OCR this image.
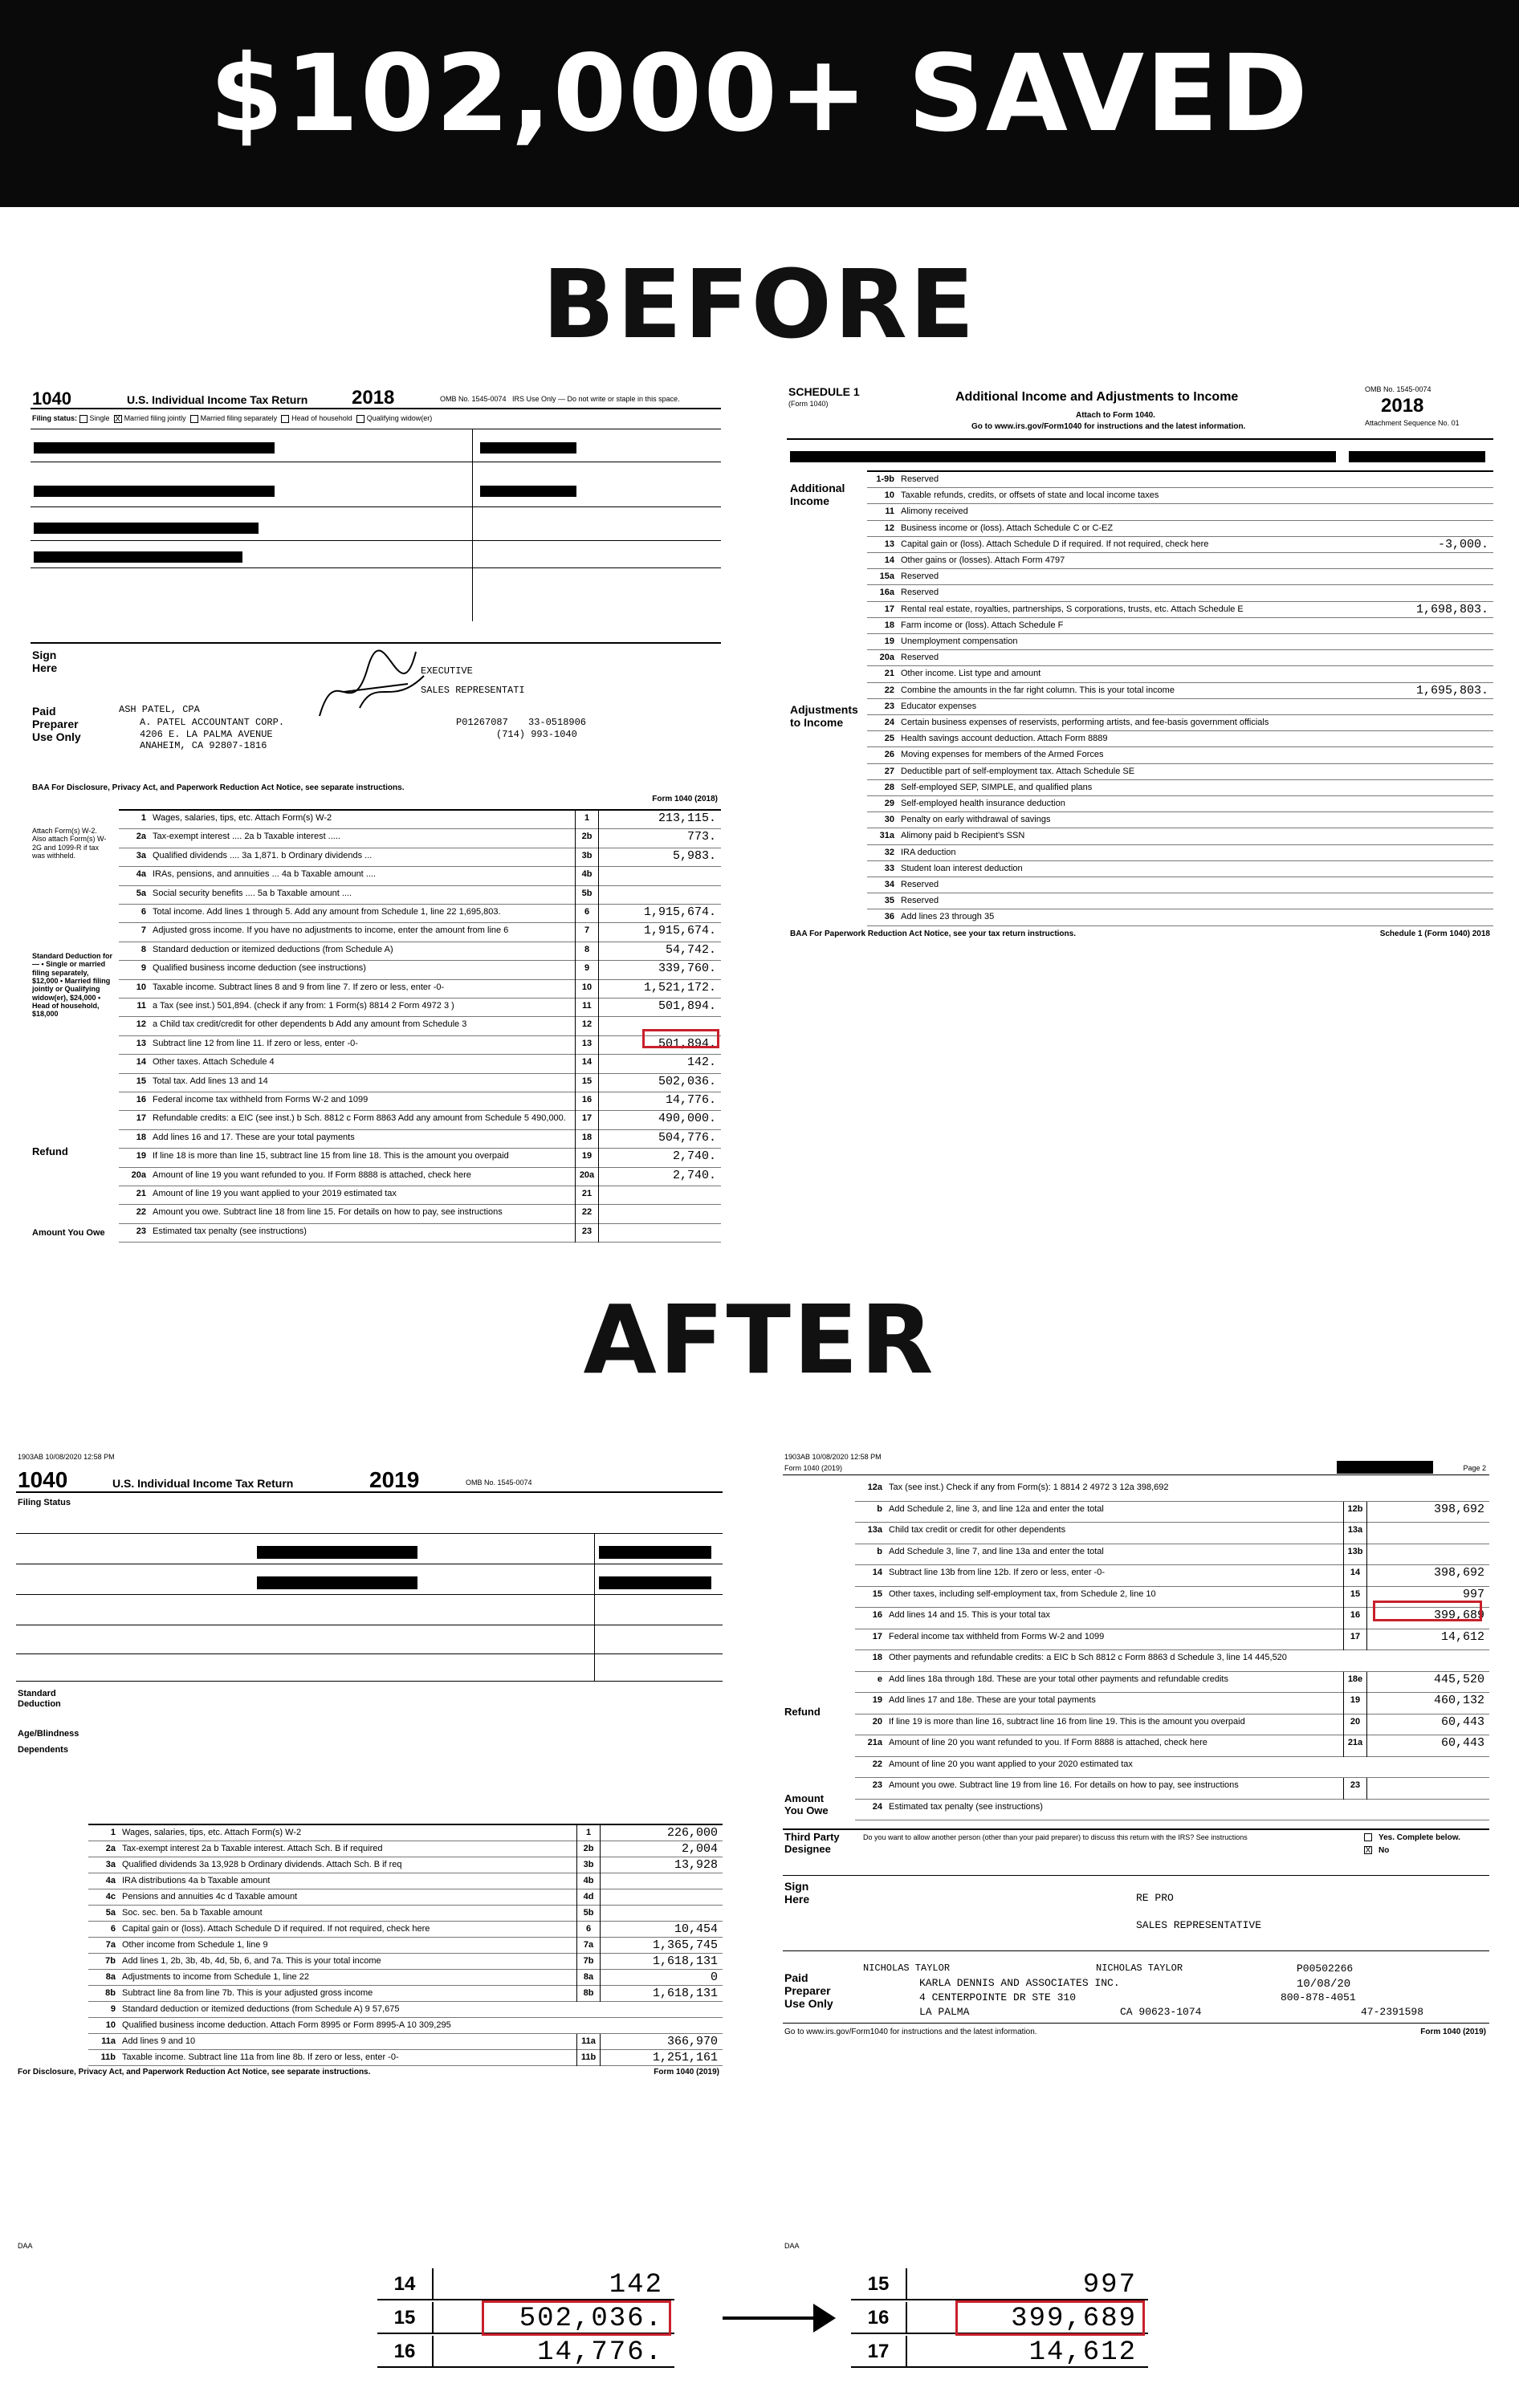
$102,000+ SAVED
BEFORE
AFTER
1040	U.S. Individual Income Tax Return 2018	OMB No. 1545-0074 IRS Use Only — Do not write or staple in this space.
Filing status: Single X Married filing jointly Married filing separately Head of household Qualifying widow(er)
Sign
Here	EXECUTIVE
SALES REPRESENTATI
Paid
Preparer
Use Only
ASH PATEL, CPA
A. PATEL ACCOUNTANT CORP.
4206 E. LA PALMA AVENUE
ANAHEIM, CA 92807-1816
P01267087 33-0518906
(714) 993-1040
BAA For Disclosure, Privacy Act, and Paperwork Reduction Act Notice, see separate instructions.
Form 1040 (2018)
1 Wages, salaries, tips, etc. Attach Form(s) W-2	1	213,115.
2a Tax-exempt interest .... 2a b Taxable interest .....	2b	773.
3a Qualified dividends .... 3a 1,871. b Ordinary dividends ...	3b	5,983.
4a IRAs, pensions, and annuities ... 4a b Taxable amount ....	4b
5a Social security benefits .... 5a b Taxable amount ....	5b
6 Total income. Add lines 1 through 5. Add any amount from Schedule 1, line 22 1,695,803.	6	1,915,674.
7 Adjusted gross income. If you have no adjustments to income, enter the amount from line 6	7	1,915,674.
8 Standard deduction or itemized deductions (from Schedule A)	8	54,742.
9 Qualified business income deduction (see instructions)	9	339,760.
10 Taxable income. Subtract lines 8 and 9 from line 7. If zero or less, enter -0-	10	1,521,172.
11 a Tax (see inst.) 501,894. (check if any from: 1 Form(s) 8814 2 Form 4972 3 )	11	501,894.
12 a Child tax credit/credit for other dependents b Add any amount from Schedule 3	12
13 Subtract line 12 from line 11. If zero or less, enter -0-	13	501,894.
14 Other taxes. Attach Schedule 4	14	142.
15 Total tax. Add lines 13 and 14	15	502,036.
16 Federal income tax withheld from Forms W-2 and 1099	16	14,776.
17 Refundable credits: a EIC (see inst.) b Sch. 8812 c Form 8863 Add any amount from Schedule 5 490,000.	17	490,000.
18 Add lines 16 and 17. These are your total payments	18	504,776.
19 If line 18 is more than line 15, subtract line 15 from line 18. This is the amount you overpaid	19	2,740.
20a Amount of line 19 you want refunded to you. If Form 8888 is attached, check here	20a	2,740.
21 Amount of line 19 you want applied to your 2019 estimated tax	21
22 Amount you owe. Subtract line 18 from line 15. For details on how to pay, see instructions	22
23 Estimated tax penalty (see instructions)	23
Attach Form(s) W-2. Also attach Form(s) W-2G and 1099-R if tax was withheld.
Standard Deduction for — • Single or married filing separately, $12,000 • Married filing jointly or Qualifying widow(er), $24,000 • Head of household, $18,000
Refund
Amount You Owe
SCHEDULE 1
(Form 1040)	Additional Income and Adjustments to Income
Attach to Form 1040.
Go to www.irs.gov/Form1040 for instructions and the latest information.
OMB No. 1545-0074
2018
Attachment Sequence No. 01
Additional Income
Adjustments to Income
1-9b Reserved
10 Taxable refunds, credits, or offsets of state and local income taxes
11 Alimony received
12 Business income or (loss). Attach Schedule C or C-EZ
13 Capital gain or (loss). Attach Schedule D if required. If not required, check here	-3,000.
14 Other gains or (losses). Attach Form 4797
15a Reserved
16a Reserved
17 Rental real estate, royalties, partnerships, S corporations, trusts, etc. Attach Schedule E	1,698,803.
18 Farm income or (loss). Attach Schedule F
19 Unemployment compensation
20a Reserved
21 Other income. List type and amount
22 Combine the amounts in the far right column. This is your total income	1,695,803.
23 Educator expenses
24 Certain business expenses of reservists, performing artists, and fee-basis government officials
25 Health savings account deduction. Attach Form 8889
26 Moving expenses for members of the Armed Forces
27 Deductible part of self-employment tax. Attach Schedule SE
28 Self-employed SEP, SIMPLE, and qualified plans
29 Self-employed health insurance deduction
30 Penalty on early withdrawal of savings
31a Alimony paid b Recipient's SSN
32 IRA deduction
33 Student loan interest deduction
34 Reserved
35 Reserved
36 Add lines 23 through 35
BAA For Paperwork Reduction Act Notice, see your tax return instructions.	Schedule 1 (Form 1040) 2018
1903AB 10/08/2020 12:58 PM
1040	U.S. Individual Income Tax Return	2019	OMB No. 1545-0074
Filing Status
Standard
Deduction
Age/Blindness
Dependents
1 Wages, salaries, tips, etc. Attach Form(s) W-2	1	226,000
2a Tax-exempt interest 2a b Taxable interest. Attach Sch. B if required	2b	2,004
3a Qualified dividends 3a 13,928 b Ordinary dividends. Attach Sch. B if req	3b	13,928
4a IRA distributions 4a b Taxable amount	4b
4c Pensions and annuities 4c d Taxable amount	4d
5a Soc. sec. ben. 5a b Taxable amount	5b
6 Capital gain or (loss). Attach Schedule D if required. If not required, check here	6	10,454
7a Other income from Schedule 1, line 9	7a	1,365,745
7b Add lines 1, 2b, 3b, 4b, 4d, 5b, 6, and 7a. This is your total income	7b	1,618,131
8a Adjustments to income from Schedule 1, line 22	8a	0
8b Subtract line 8a from line 7b. This is your adjusted gross income	8b	1,618,131
9 Standard deduction or itemized deductions (from Schedule A) 9 57,675
10 Qualified business income deduction. Attach Form 8995 or Form 8995-A 10 309,295
11a Add lines 9 and 10	11a	366,970
11b Taxable income. Subtract line 11a from line 8b. If zero or less, enter -0-	11b	1,251,161
For Disclosure, Privacy Act, and Paperwork Reduction Act Notice, see separate instructions.	Form 1040 (2019)
DAA
1903AB 10/08/2020 12:58 PM
Form 1040 (2019)	Page 2
12a Tax (see inst.) Check if any from Form(s): 1 8814 2 4972 3 12a 398,692
b Add Schedule 2, line 3, and line 12a and enter the total	12b	398,692
13a Child tax credit or credit for other dependents	13a
b Add Schedule 3, line 7, and line 13a and enter the total	13b
14 Subtract line 13b from line 12b. If zero or less, enter -0-	14	398,692
15 Other taxes, including self-employment tax, from Schedule 2, line 10	15	997
16 Add lines 14 and 15. This is your total tax	16	399,689
17 Federal income tax withheld from Forms W-2 and 1099	17	14,612
18 Other payments and refundable credits: a EIC b Sch 8812 c Form 8863 d Schedule 3, line 14 445,520
e Add lines 18a through 18d. These are your total other payments and refundable credits	18e	445,520
19 Add lines 17 and 18e. These are your total payments	19	460,132
20 If line 19 is more than line 16, subtract line 16 from line 19. This is the amount you overpaid	20	60,443
21a Amount of line 20 you want refunded to you. If Form 8888 is attached, check here	21a	60,443
22 Amount of line 20 you want applied to your 2020 estimated tax
23 Amount you owe. Subtract line 19 from line 16. For details on how to pay, see instructions	23
24 Estimated tax penalty (see instructions)
Refund
Amount
You Owe
Third Party Designee
Do you want to allow another person (other than your paid preparer) to discuss this return with the IRS? See instructions	Yes. Complete below.
X
No
Sign
Here	RE PRO
SALES REPRESENTATIVE
Paid
Preparer
Use Only
NICHOLAS TAYLOR	NICHOLAS TAYLOR	P00502266
KARLA DENNIS AND ASSOCIATES INC.	10/08/20
4 CENTERPOINTE DR STE 310	800-878-4051
LA PALMA	CA 90623-1074	47-2391598
Go to www.irs.gov/Form1040 for instructions and the latest information.	Form 1040 (2019)
DAA
14	142
15	502,036.
16	14,776.
15	997
16	399,689
17	14,612
